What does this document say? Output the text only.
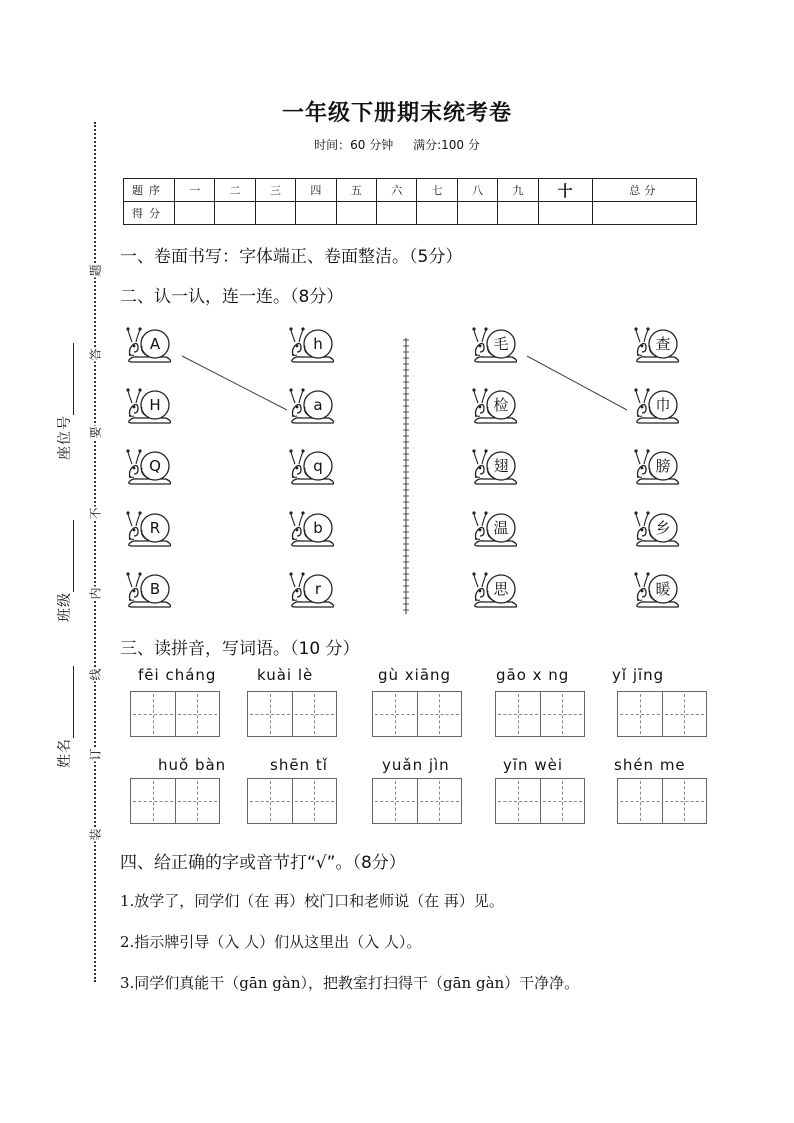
一年级下册期末统考卷
时间：60 分钟 满分:100 分
题序	一	二	三	四	五	六	七	八	九	十	总分
得分											
题
答
要
不
内
线
订
装
座位号
班级
姓名
一、卷面书写：字体端正、卷面整洁。（5分）
二、认一认，连一连。（8分）
A
H
Q
R
B
h
a
q
b
r
毛
检
翅
温
思
查
巾
膀
乡
暖
三、读拼音，写词语。（10 分）
fēi cháng	kuài lè	gù xiāng	gāo x ng	yǐ jīng
huǒ bàn	shēn tǐ	yuǎn jìn	yīn wèi	shén me
四、给正确的字或音节打“√”。（8分）
1.放学了，同学们（在 再）校门口和老师说（在 再）见。
2.指示牌引导（入 人）们从这里出（入 人）。
3.同学们真能干（gān gàn），把教室打扫得干（gān gàn）干净净。
